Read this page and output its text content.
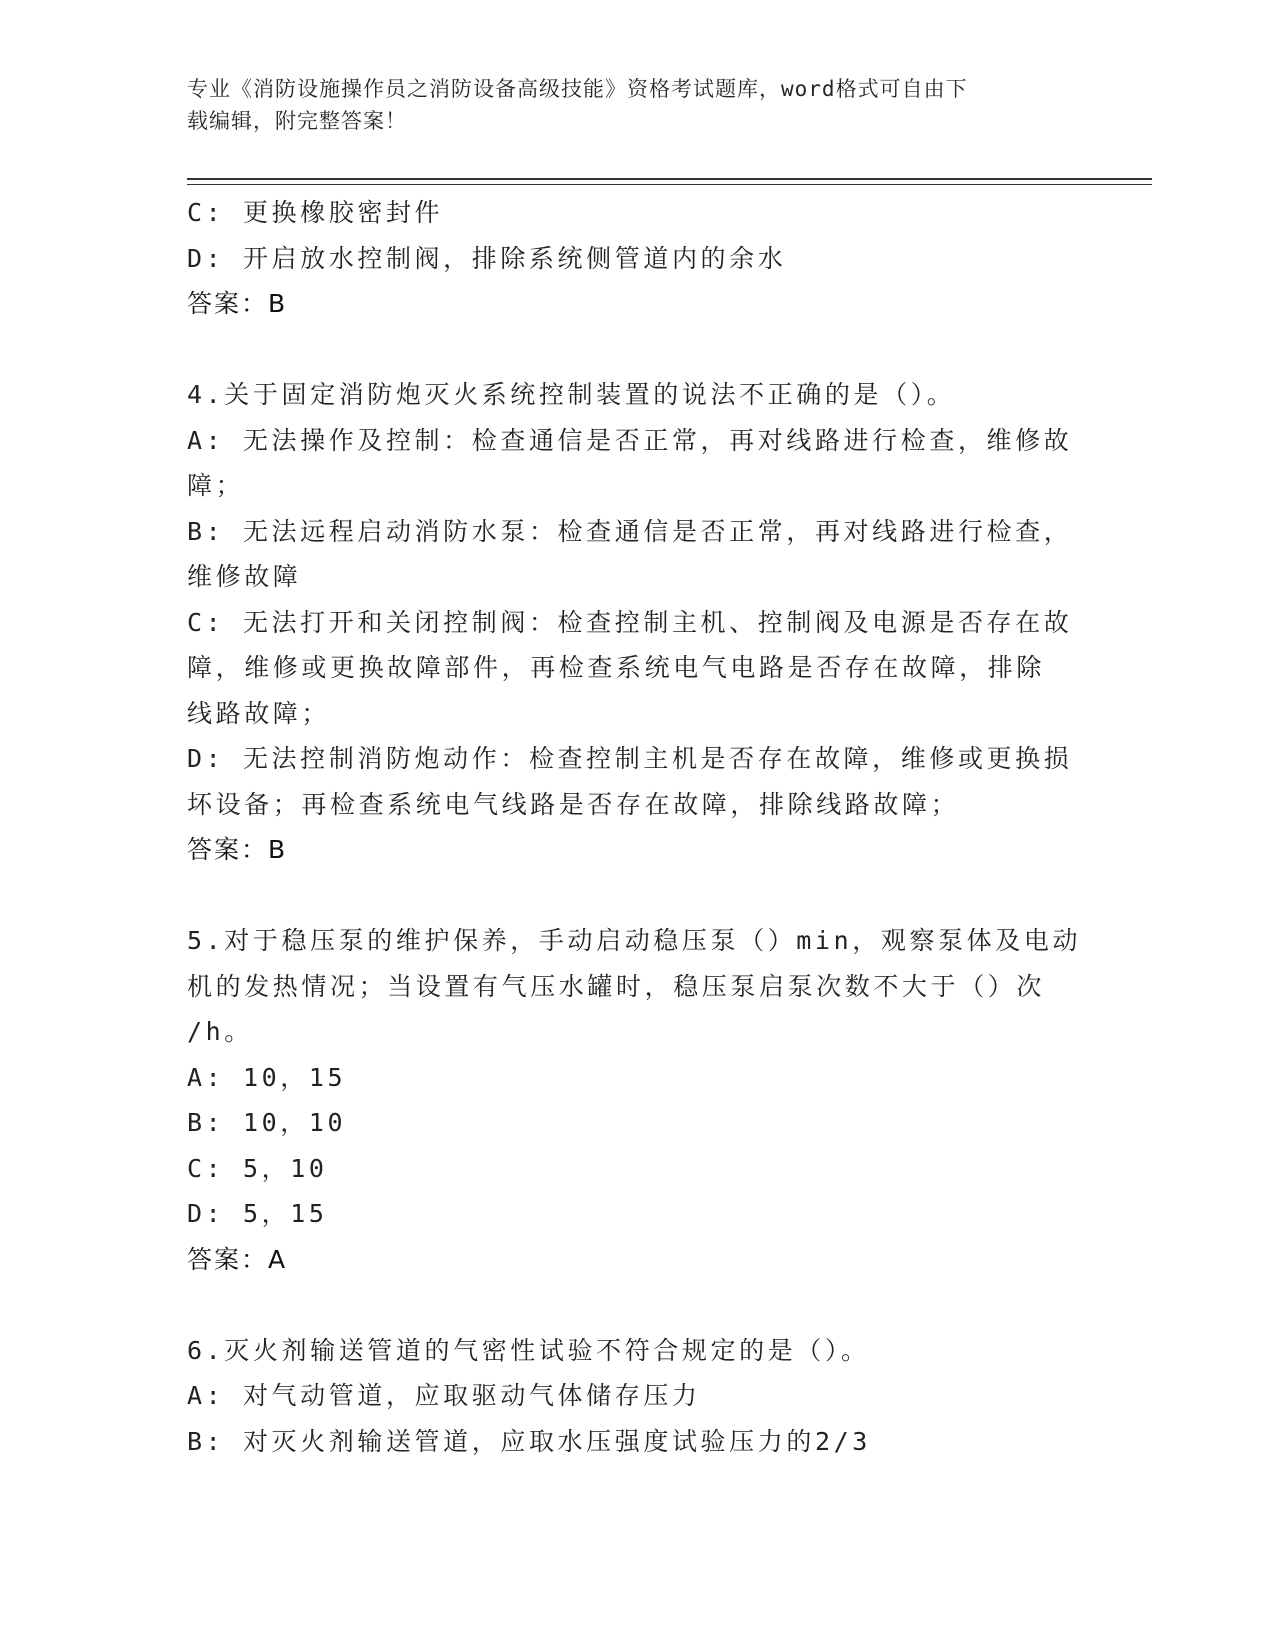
专业《消防设施操作员之消防设备高级技能》资格考试题库，word格式可自由下
载编辑，附完整答案！
C: 更换橡胶密封件
D: 开启放水控制阀，排除系统侧管道内的余水
答案：B
4.关于固定消防炮灭火系统控制装置的说法不正确的是（）。
A: 无法操作及控制：检查通信是否正常，再对线路进行检查，维修故
障；
B: 无法远程启动消防水泵：检查通信是否正常，再对线路进行检查，
维修故障
C: 无法打开和关闭控制阀：检查控制主机、控制阀及电源是否存在故
障，维修或更换故障部件，再检查系统电气电路是否存在故障，排除
线路故障；
D: 无法控制消防炮动作：检查控制主机是否存在故障，维修或更换损
坏设备；再检查系统电气线路是否存在故障，排除线路故障；
答案：B
5.对于稳压泵的维护保养，手动启动稳压泵（）min，观察泵体及电动
机的发热情况；当设置有气压水罐时，稳压泵启泵次数不大于（）次
/h。
A: 10，15
B: 10，10
C: 5，10
D: 5，15
答案：A
6.灭火剂输送管道的气密性试验不符合规定的是（）。
A: 对气动管道，应取驱动气体储存压力
B: 对灭火剂输送管道，应取水压强度试验压力的2/3
